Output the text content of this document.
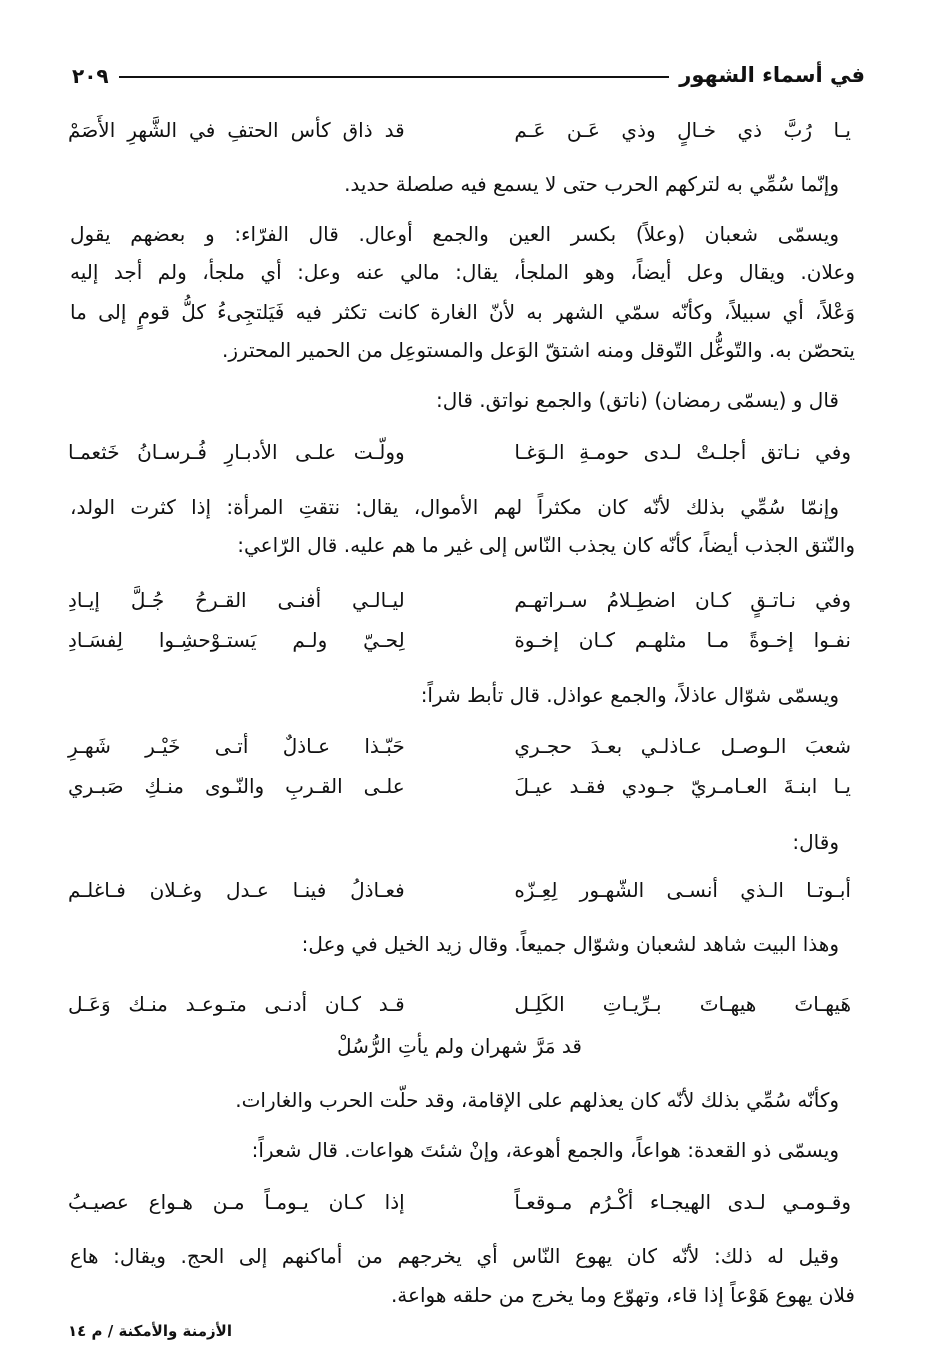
في أسماء الشهور
٢٠٩
يـا رُبَّ ذي خـالٍ وذي عَـن عَـم
قد ذاق كأس الحتفِ في الشَّهرِ الأَصَمْ
وإنّما سُمِّي به لتركهم الحرب حتى لا يسمع فيه صلصلة حديد.
ويسمّى شعبان (وعلاً) بكسر العين والجمع أوعال. قال الفرّاء: و بعضهم يقول
وعلان. ويقال وعل أيضاً، وهو الملجأ، يقال: مالي عنه وعل: أي ملجأ، ولم أجد إليه
وَعْلاً، أي سبيلاً، وكأنّه سمّي الشهر به لأنّ الغارة كانت تكثر فيه فَيَلتجِىءُ كلُّ قومٍ إلى ما
يتحصّن به. والتّوغُّل التّوقل ومنه اشتقّ الوَعل والمستوعِل من الحمير المحترز.
قال و (يسمّى رمضان) (ناتق) والجمع نواتق. قال:
وفي نـاتق أجلـتْ لـدى حومـةِ الـوَغـا
وولّـت علـى الأدبـارِ فُـرسـانُ خَثعمـا
وإنمّا سُمِّي بذلك لأنّه كان مكثراً لهم الأموال، يقال: نتقتِ المرأة: إذا كثرت الولد،
والنّتق الجذب أيضاً، كأنّه كان يجذب النّاس إلى غير ما هم عليه. قال الرّاعي:
وفي نـاتـقٍ كـان اضطِـلامُ سـراتهـم
ليـالـي أفنـى القـرحُ جُـلَّ إيـادِ
نفـوا إخـوةً مـا مثلهـم كـان إخـوة
لِحـيّ ولـم يَستـوْحشِـوا لِفسَـادِ
ويسمّى شوّال عاذلاً، والجمع عواذل. قال تأبط شراً:
شعبَ الـوصـل عـاذلـي بعـدَ حجـري
حَبّـذا عـاذلٌ أتـى خَيْـر شَهـرِ
يـا ابنـةَ العـامـريّ جـودي فقـد عيـلَ
علـى القـربِ والنّـوى منـكِ صَبـري
وقال:
أبـوتـا الـذي أنسـى الشّهـور لِعِـزّه
فعـاذلُ فينـا عـدل وغـلان فـاغلـم
وهذا البيت شاهد لشعبان وشوّال جميعاً. وقال زيد الخيل في وعل:
هَيهـاتَ هيهـاتَ بـرِّيـاتِ الكَلِـل
قـد كـان أدنـى متـوعـد منـك وَعَـل
قد مَرَّ شهران ولم يأتِ الرُّسُلْ
وكأنّه سُمِّي بذلك لأنّه كان يعذلهم على الإقامة، وقد حلّت الحرب والغارات.
ويسمّى ذو القعدة: هواعاً، والجمع أهوعة، وإنْ شئتَ هواعات. قال شعراً:
وقـومـي لـدى الهيجـاء أكْـرُم مـوقعـاً
إذا كـان يـومـاً مـن هـواع عصيـبُ
وقيل له ذلك: لأنّه كان يهوع النّاس أي يخرجهم من أماكنهم إلى الحج. ويقال: هاع
فلان يهوع هَوْعاً إذا قاء، وتهوّع وما يخرج من حلقه هواعة.
الأزمنة والأمكنة / م ١٤
